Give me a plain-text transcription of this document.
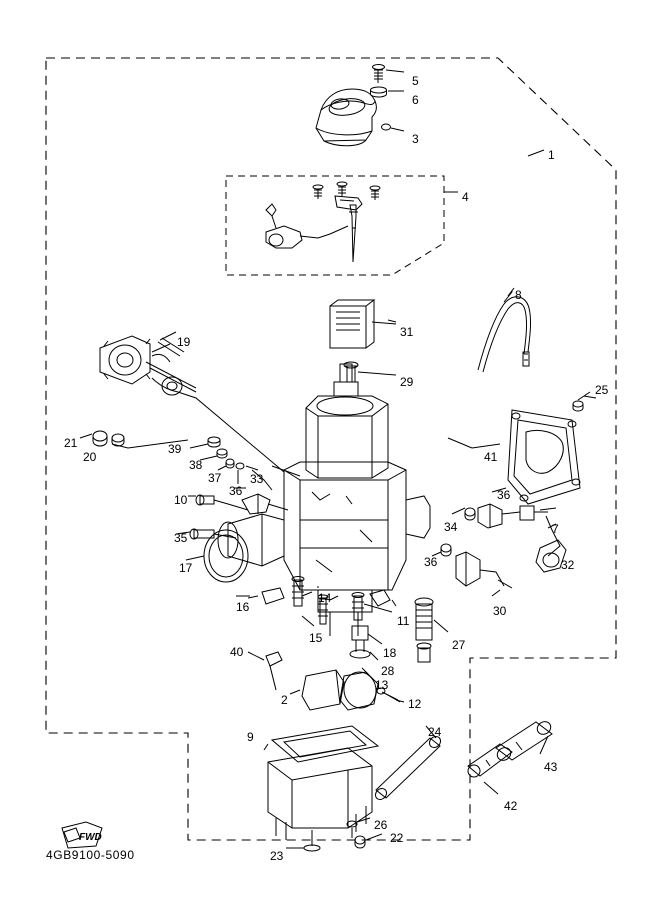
1
5
6
3
4
8
31
19
29
25
21
20
39
41
38
37 33
36	36
10
34	7
35
36	32
17
16
14
11
30
15
18
27
28
13
40
2	12
24
9
42
43
26
22
23
FWD
4GB9100-5090
